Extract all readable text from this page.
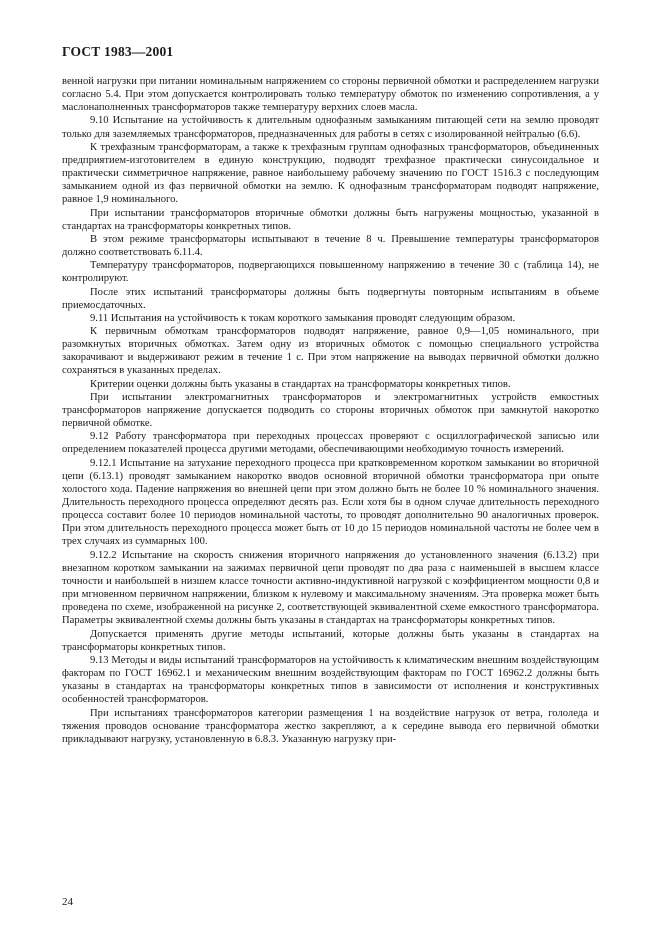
ГОСТ 1983—2001

венной нагрузки при питании номинальным напряжением со стороны первичной обмотки и распределением нагрузки согласно 5.4. При этом допускается контролировать только температуру обмоток по изменению сопротивления, а у маслонаполненных трансформаторов также температуру верхних слоев масла.

9.10 Испытание на устойчивость к длительным однофазным замыканиям питающей сети на землю проводят только для заземляемых трансформаторов, предназначенных для работы в сетях с изолированной нейтралью (6.6).

К трехфазным трансформаторам, а также к трехфазным группам однофазных трансформаторов, объединенных предприятием-изготовителем в единую конструкцию, подводят трехфазное практически синусоидальное и практически симметричное напряжение, равное наибольшему рабочему значению по ГОСТ 1516.3 с последующим замыканием одной из фаз первичной обмотки на землю. К однофазным трансформаторам подводят напряжение, равное 1,9 номинального.

При испытании трансформаторов вторичные обмотки должны быть нагружены мощностью, указанной в стандартах на трансформаторы конкретных типов.

В этом режиме трансформаторы испытывают в течение 8 ч. Превышение температуры трансформаторов должно соответствовать 6.11.4.

Температуру трансформаторов, подвергающихся повышенному напряжению в течение 30 с (таблица 14), не контролируют.

После этих испытаний трансформаторы должны быть подвергнуты повторным испытаниям в объеме приемосдаточных.

9.11 Испытания на устойчивость к токам короткого замыкания проводят следующим образом.

К первичным обмоткам трансформаторов подводят напряжение, равное 0,9—1,05 номинального, при разомкнутых вторичных обмотках. Затем одну из вторичных обмоток с помощью специального устройства закорачивают и выдерживают режим в течение 1 с. При этом напряжение на выводах первичной обмотки должно сохраняться в указанных пределах.

Критерии оценки должны быть указаны в стандартах на трансформаторы конкретных типов.

При испытании электромагнитных трансформаторов и электромагнитных устройств емкостных трансформаторов напряжение допускается подводить со стороны вторичных обмоток при замкнутой накоротко первичной обмотке.

9.12 Работу трансформатора при переходных процессах проверяют с осциллографической записью или определением показателей процесса другими методами, обеспечивающими необходимую точность измерений.

9.12.1 Испытание на затухание переходного процесса при кратковременном коротком замыкании во вторичной цепи (6.13.1) проводят замыканием накоротко вводов основной вторичной обмотки трансформатора при опыте холостого хода. Падение напряжения во внешней цепи при этом должно быть не более 10 % номинального значения. Длительность переходного процесса определяют десять раз. Если хотя бы в одном случае длительность переходного процесса составит более 10 периодов номинальной частоты, то проводят дополнительно 90 аналогичных проверок. При этом длительность переходного процесса может быть от 10 до 15 периодов номинальной частоты не более чем в трех случаях из суммарных 100.

9.12.2 Испытание на скорость снижения вторичного напряжения до установленного значения (6.13.2) при внезапном коротком замыкании на зажимах первичной цепи проводят по два раза с наименьшей в высшем классе точности и наибольшей в низшем классе точности активно-индуктивной нагрузкой с коэффициентом мощности 0,8 и при мгновенном первичном напряжении, близком к нулевому и максимальному значениям. Эта проверка может быть проведена по схеме, изображенной на рисунке 2, соответствующей эквивалентной схеме емкостного трансформатора. Параметры эквивалентной схемы должны быть указаны в стандартах на трансформаторы конкретных типов.

Допускается применять другие методы испытаний, которые должны быть указаны в стандартах на трансформаторы конкретных типов.

9.13 Методы и виды испытаний трансформаторов на устойчивость к климатическим внешним воздействующим факторам по ГОСТ 16962.1 и механическим внешним воздействующим факторам по ГОСТ 16962.2 должны быть указаны в стандартах на трансформаторы конкретных типов в зависимости от исполнения и конструктивных особенностей трансформаторов.

При испытаниях трансформаторов категории размещения 1 на воздействие нагрузок от ветра, гололеда и тяжения проводов основание трансформатора жестко закрепляют, а к середине вывода его первичной обмотки прикладывают нагрузку, установленную в 6.8.3. Указанную нагрузку при-

24
